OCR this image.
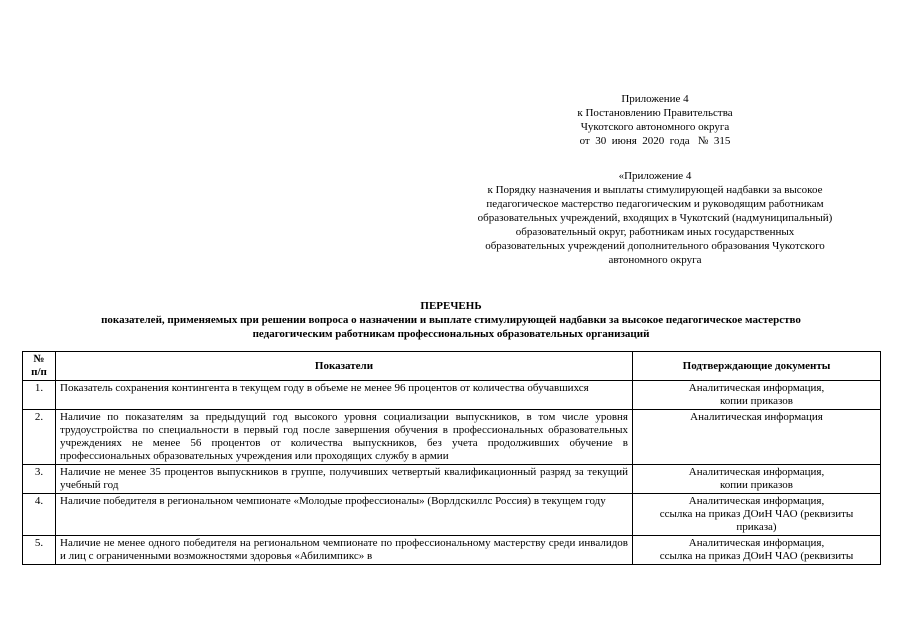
Приложение 4
к Постановлению Правительства
Чукотского автономного округа
от  30  июня  2020  года   №  315
«Приложение 4
к Порядку назначения и выплаты стимулирующей надбавки за высокое
педагогическое мастерство педагогическим и руководящим работникам
образовательных учреждений, входящих в Чукотский (надмуниципальный)
образовательный округ, работникам иных государственных
образовательных учреждений дополнительного образования Чукотского
автономного округа
ПЕРЕЧЕНЬ
показателей, применяемых при решении вопроса о назначении и выплате стимулирующей надбавки за высокое педагогическое мастерство
педагогическим работникам профессиональных образовательных организаций
№
п/п	Показатели	Подтверждающие документы
1.	Показатель сохранения контингента в текущем году в объеме не менее 96 процентов от количества обучавшихся	Аналитическая информация,
копии приказов

2.	Наличие по показателям за предыдущий год высокого уровня социализации выпускников, в том числе уровня трудоустройства по специальности в первый год после завершения обучения в профессиональных образовательных учреждениях не менее 56 процентов от количества выпускников, без учета продолживших обучение в профессиональных образовательных учреждения или проходящих службу в армии	Аналитическая информация

3.	Наличие не менее 35 процентов выпускников в группе, получивших четвертый квалификационный разряд за текущий учебный год	Аналитическая информация,
копии приказов

4.	Наличие победителя в региональном чемпионате «Молодые профессионалы» (Ворлдскиллс Россия) в текущем году	Аналитическая информация,
ссылка на приказ ДОиН ЧАО (реквизиты
приказа)

5.	Наличие не менее одного победителя на региональном чемпионате по профессиональному мастерству среди инвалидов и лиц с ограниченными возможностями здоровья «Абилимпикс» в	Аналитическая информация,
ссылка на приказ ДОиН ЧАО (реквизиты
